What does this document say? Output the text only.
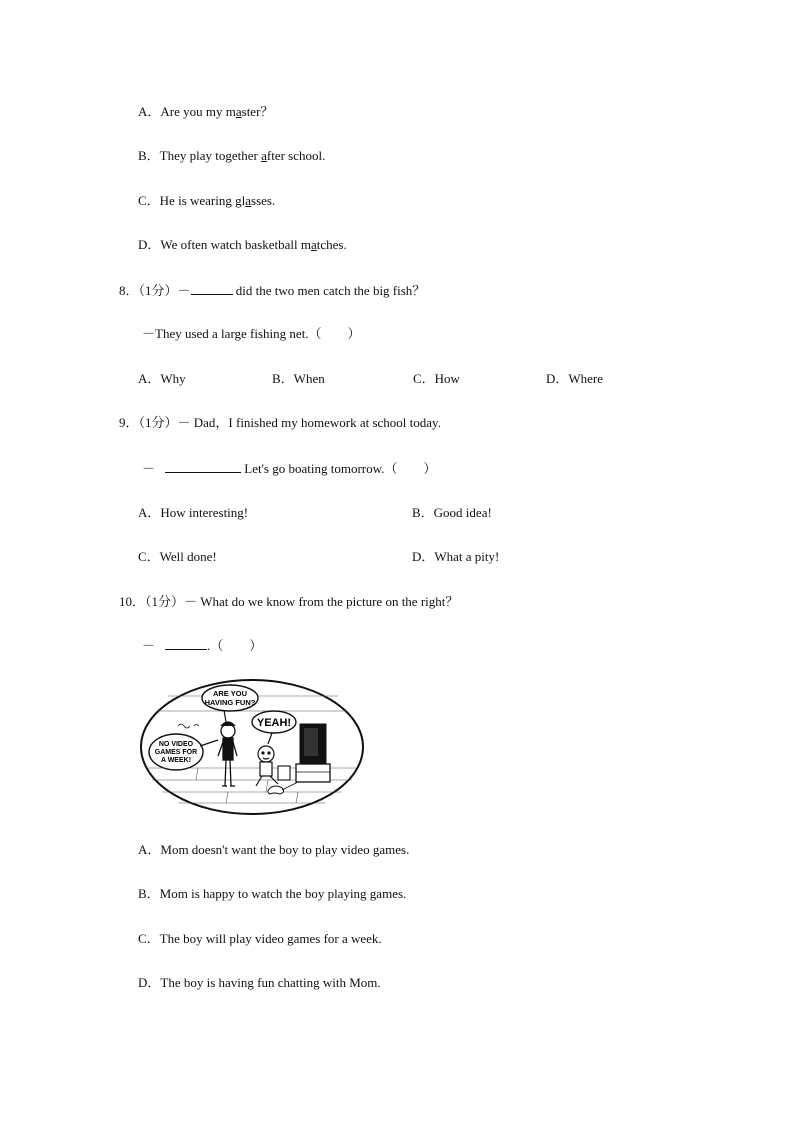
A．Are you my master？
B．They play together after school.
C．He is wearing glasses.
D．We often watch basketball matches.
8．（1分）－	did the two men catch the big fish？
－They used a large fishing net.（　　）

A．Why

	B．When

	C．How

	D．Where

9．（1分）－ Dad，I finished my homework at school today.
－	Let's go boating tomorrow.（　　）

A．How interesting!

	B．Good idea!

C．Well done!

	D．What a pity!

10．（1分）－ What do we know from the picture on the right？
－	.（　　）
ARE YOU
HAVING FUN?
YEAH!
NO VIDEO
GAMES FOR
A WEEK!
A．Mom doesn't want the boy to play video games.
B．Mom is happy to watch the boy playing games.
C．The boy will play video games for a week.
D．The boy is having fun chatting with Mom.
